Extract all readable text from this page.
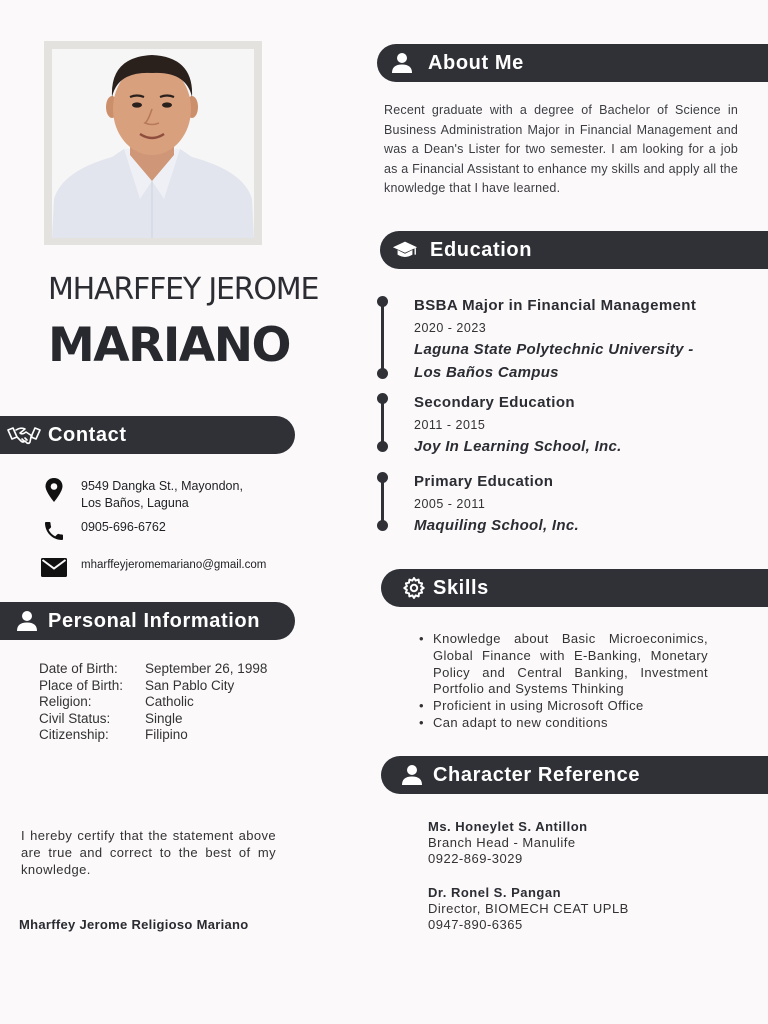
MHARFFEY JEROME
MARIANO
Contact
9549 Dangka St., Mayondon,
Los Baños, Laguna
0905-696-6762
mharffeyjeromemariano@gmail.com
Personal Information
Date of Birth:	September 26, 1998
Place of Birth:	San Pablo City
Religion:	Catholic
Civil Status:	Single
Citizenship:	Filipino
I hereby certify that the statement above are true and correct to the best of my knowledge.
Mharffey Jerome Religioso Mariano
About Me
Recent graduate with a degree of Bachelor of Science in Business Administration Major in Financial Management and was a Dean's Lister for two semester. I am looking for a job as a Financial Assistant to enhance my skills and apply all the knowledge that I have learned.
Education
BSBA Major in Financial Management
2020 - 2023
Laguna State Polytechnic University - Los Baños Campus
Secondary Education
2011 - 2015
Joy In Learning School, Inc.
Primary Education
2005 - 2011
Maquiling School, Inc.
Skills
• Knowledge about Basic Microeconimics, Global Finance with E-Banking, Monetary Policy and Central Banking, Investment Portfolio and Systems Thinking
• Proficient in using Microsoft Office
• Can adapt to new conditions
Character Reference
Ms. Honeylet S. Antillon
Branch Head - Manulife
0922-869-3029
Dr. Ronel S. Pangan
Director, BIOMECH CEAT UPLB
0947-890-6365
